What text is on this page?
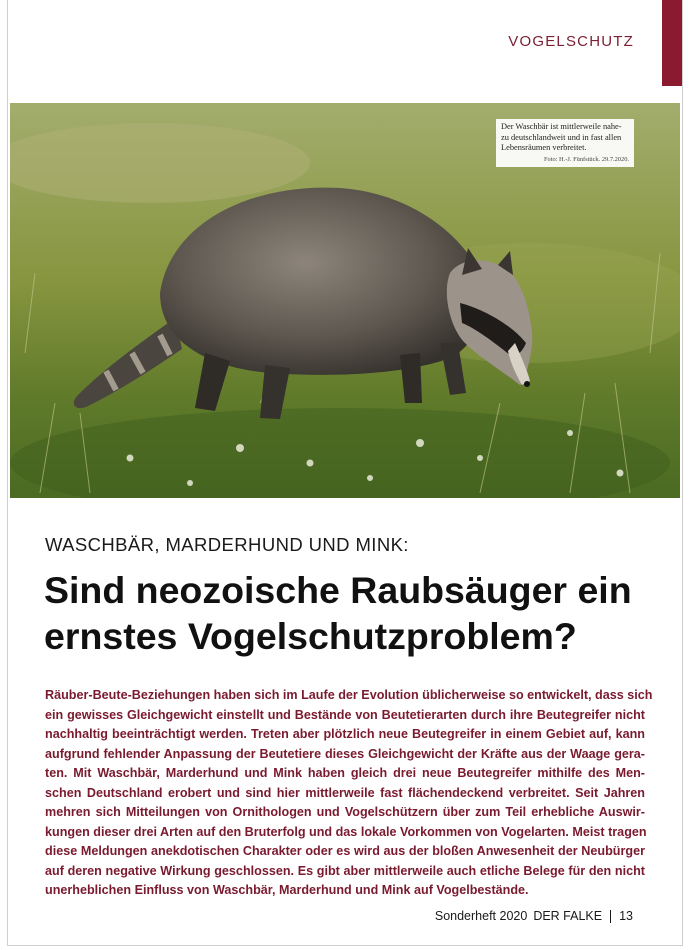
VOGELSCHUTZ
Der Waschbär ist mittlerweile nahe-
zu deutschlandweit und in fast allen
Lebensräumen verbreitet.
Foto: H.-J. Fünfstück. 29.7.2020.
WASCHBÄR, MARDERHUND UND MINK:
Sind neozoische Raubsäuger ein
ernstes Vogelschutzproblem?
Räuber-Beute-Beziehungen haben sich im Laufe der Evolution üblicherweise so entwickelt, dass sich
ein gewisses Gleichgewicht einstellt und Bestände von Beutetierarten durch ihre Beutegreifer nicht
nachhaltig beeinträchtigt werden. Treten aber plötzlich neue Beutegreifer in einem Gebiet auf, kann
aufgrund fehlender Anpassung der Beutetiere dieses Gleichgewicht der Kräfte aus der Waage gera-
ten. Mit Waschbär, Marderhund und Mink haben gleich drei neue Beutegreifer mithilfe des Men-
schen Deutschland erobert und sind hier mittlerweile fast flächendeckend verbreitet. Seit Jahren
mehren sich Mitteilungen von Ornithologen und Vogelschützern über zum Teil erhebliche Auswir-
kungen dieser drei Arten auf den Bruterfolg und das lokale Vorkommen von Vogelarten. Meist tragen
diese Meldungen anekdotischen Charakter oder es wird aus der bloßen Anwesenheit der Neubürger
auf deren negative Wirkung geschlossen. Es gibt aber mittlerweile auch etliche Belege für den nicht
unerheblichen Einfluss von Waschbär, Marderhund und Mink auf Vogelbestände.
Sonderheft 2020 DER FALKE 13
